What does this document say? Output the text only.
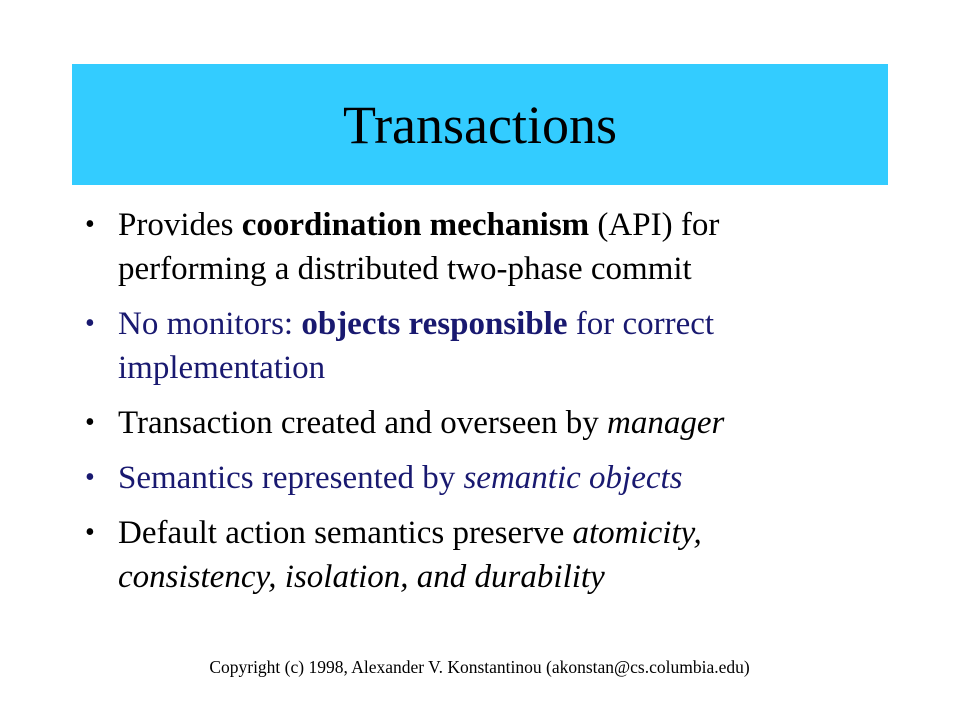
Transactions
• Provides coordination mechanism (API) for performing a distributed two-phase commit
• No monitors: objects responsible for correct implementation
• Transaction created and overseen by manager
• Semantics represented by semantic objects
• Default action semantics preserve atomicity, consistency, isolation, and durability
Copyright (c) 1998, Alexander V. Konstantinou (akonstan@cs.columbia.edu)
